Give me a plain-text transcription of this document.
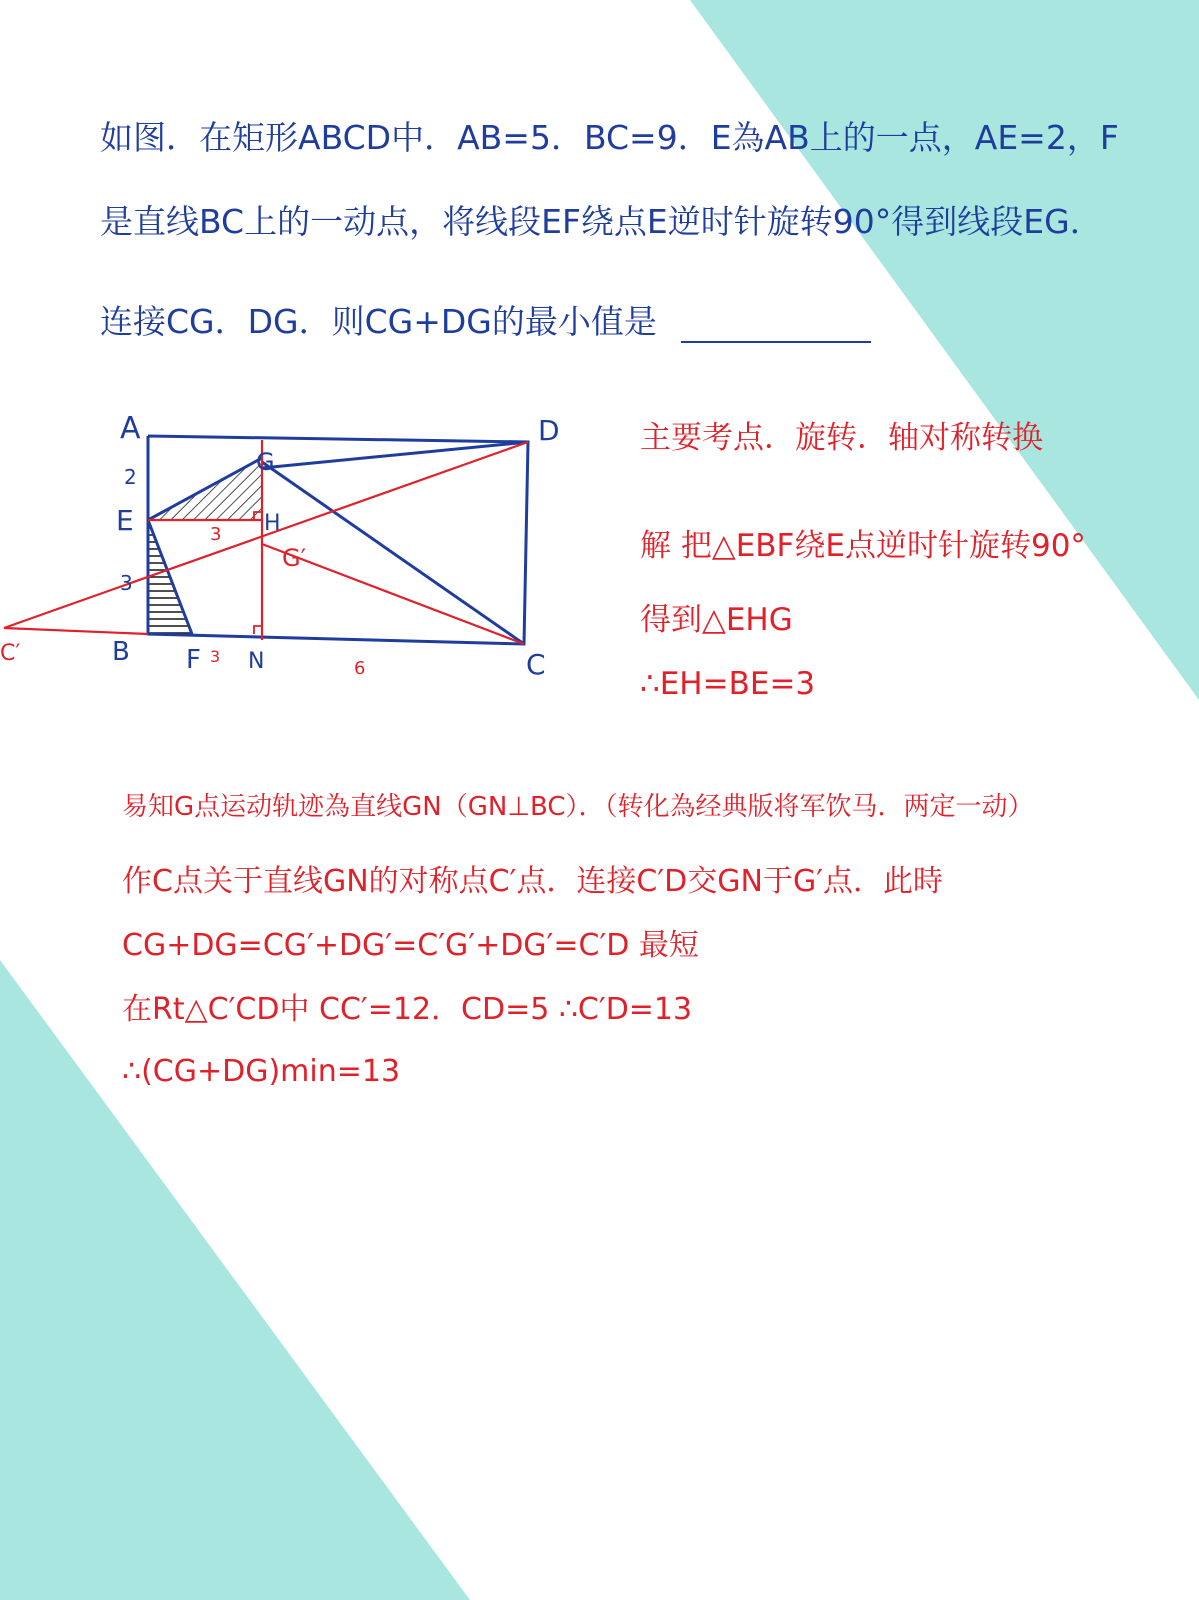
如图．在矩形ABCD中．AB=5．BC=9．E為AB上的一点，AE=2，F
是直线BC上的一动点，将线段EF绕点E逆时针旋转90°得到线段EG．
连接CG．DG．则CG+DG的最小值是
A	D
G
E	H
G′
B F N	C
C′
2
3
3
3
6
主要考点．旋转．轴对称转换
解 把△EBF绕E点逆时针旋转90°
得到△EHG
∴EH=BE=3
易知G点运动轨迹為直线GN（GN⊥BC）．（转化為经典版将军饮马．两定一动）
作C点关于直线GN的对称点C′点．连接C′D交GN于G′点．此時
CG+DG=CG′+DG′=C′G′+DG′=C′D 最短
在Rt△C′CD中 CC′=12．CD=5 ∴C′D=13
∴(CG+DG)min=13
